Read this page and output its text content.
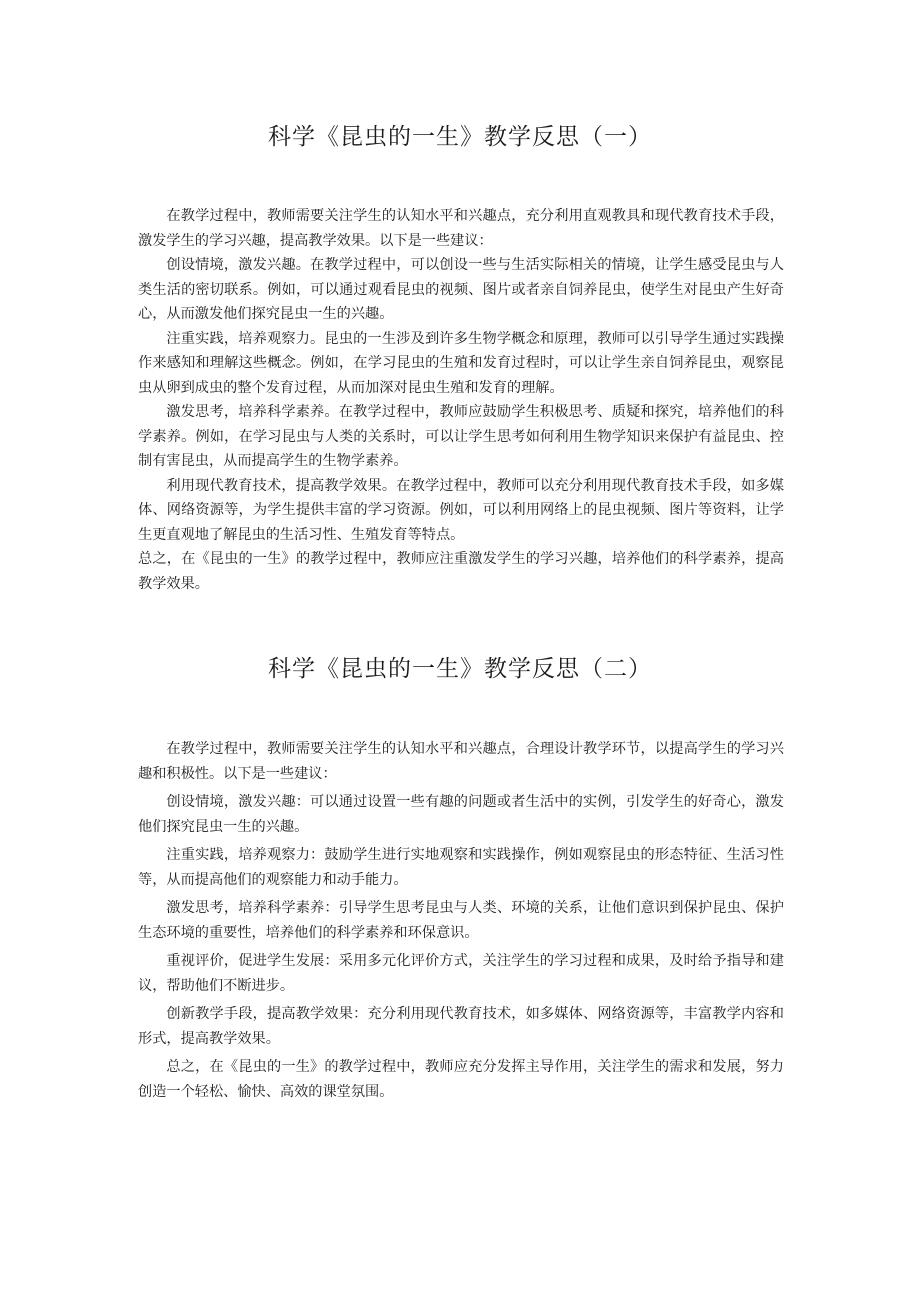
科学《昆虫的一生》教学反思（一）

在教学过程中，教师需要关注学生的认知水平和兴趣点，充分利用直观教具和现代教育技术手段，激发学生的学习兴趣，提高教学效果。以下是一些建议：

创设情境，激发兴趣。在教学过程中，可以创设一些与生活实际相关的情境，让学生感受昆虫与人类生活的密切联系。例如，可以通过观看昆虫的视频、图片或者亲自饲养昆虫，使学生对昆虫产生好奇心，从而激发他们探究昆虫一生的兴趣。

注重实践，培养观察力。昆虫的一生涉及到许多生物学概念和原理，教师可以引导学生通过实践操作来感知和理解这些概念。例如，在学习昆虫的生殖和发育过程时，可以让学生亲自饲养昆虫，观察昆虫从卵到成虫的整个发育过程，从而加深对昆虫生殖和发育的理解。

激发思考，培养科学素养。在教学过程中，教师应鼓励学生积极思考、质疑和探究，培养他们的科学素养。例如，在学习昆虫与人类的关系时，可以让学生思考如何利用生物学知识来保护有益昆虫、控制有害昆虫，从而提高学生的生物学素养。

利用现代教育技术，提高教学效果。在教学过程中，教师可以充分利用现代教育技术手段，如多媒体、网络资源等，为学生提供丰富的学习资源。例如，可以利用网络上的昆虫视频、图片等资料，让学生更直观地了解昆虫的生活习性、生殖发育等特点。

总之，在《昆虫的一生》的教学过程中，教师应注重激发学生的学习兴趣，培养他们的科学素养，提高教学效果。

科学《昆虫的一生》教学反思（二）

在教学过程中，教师需要关注学生的认知水平和兴趣点，合理设计教学环节，以提高学生的学习兴趣和积极性。以下是一些建议：

创设情境，激发兴趣：可以通过设置一些有趣的问题或者生活中的实例，引发学生的好奇心，激发他们探究昆虫一生的兴趣。

注重实践，培养观察力：鼓励学生进行实地观察和实践操作，例如观察昆虫的形态特征、生活习性等，从而提高他们的观察能力和动手能力。

激发思考，培养科学素养：引导学生思考昆虫与人类、环境的关系，让他们意识到保护昆虫、保护生态环境的重要性，培养他们的科学素养和环保意识。

重视评价，促进学生发展：采用多元化评价方式，关注学生的学习过程和成果，及时给予指导和建议，帮助他们不断进步。

创新教学手段，提高教学效果：充分利用现代教育技术，如多媒体、网络资源等，丰富教学内容和形式，提高教学效果。

总之，在《昆虫的一生》的教学过程中，教师应充分发挥主导作用，关注学生的需求和发展，努力创造一个轻松、愉快、高效的课堂氛围。
